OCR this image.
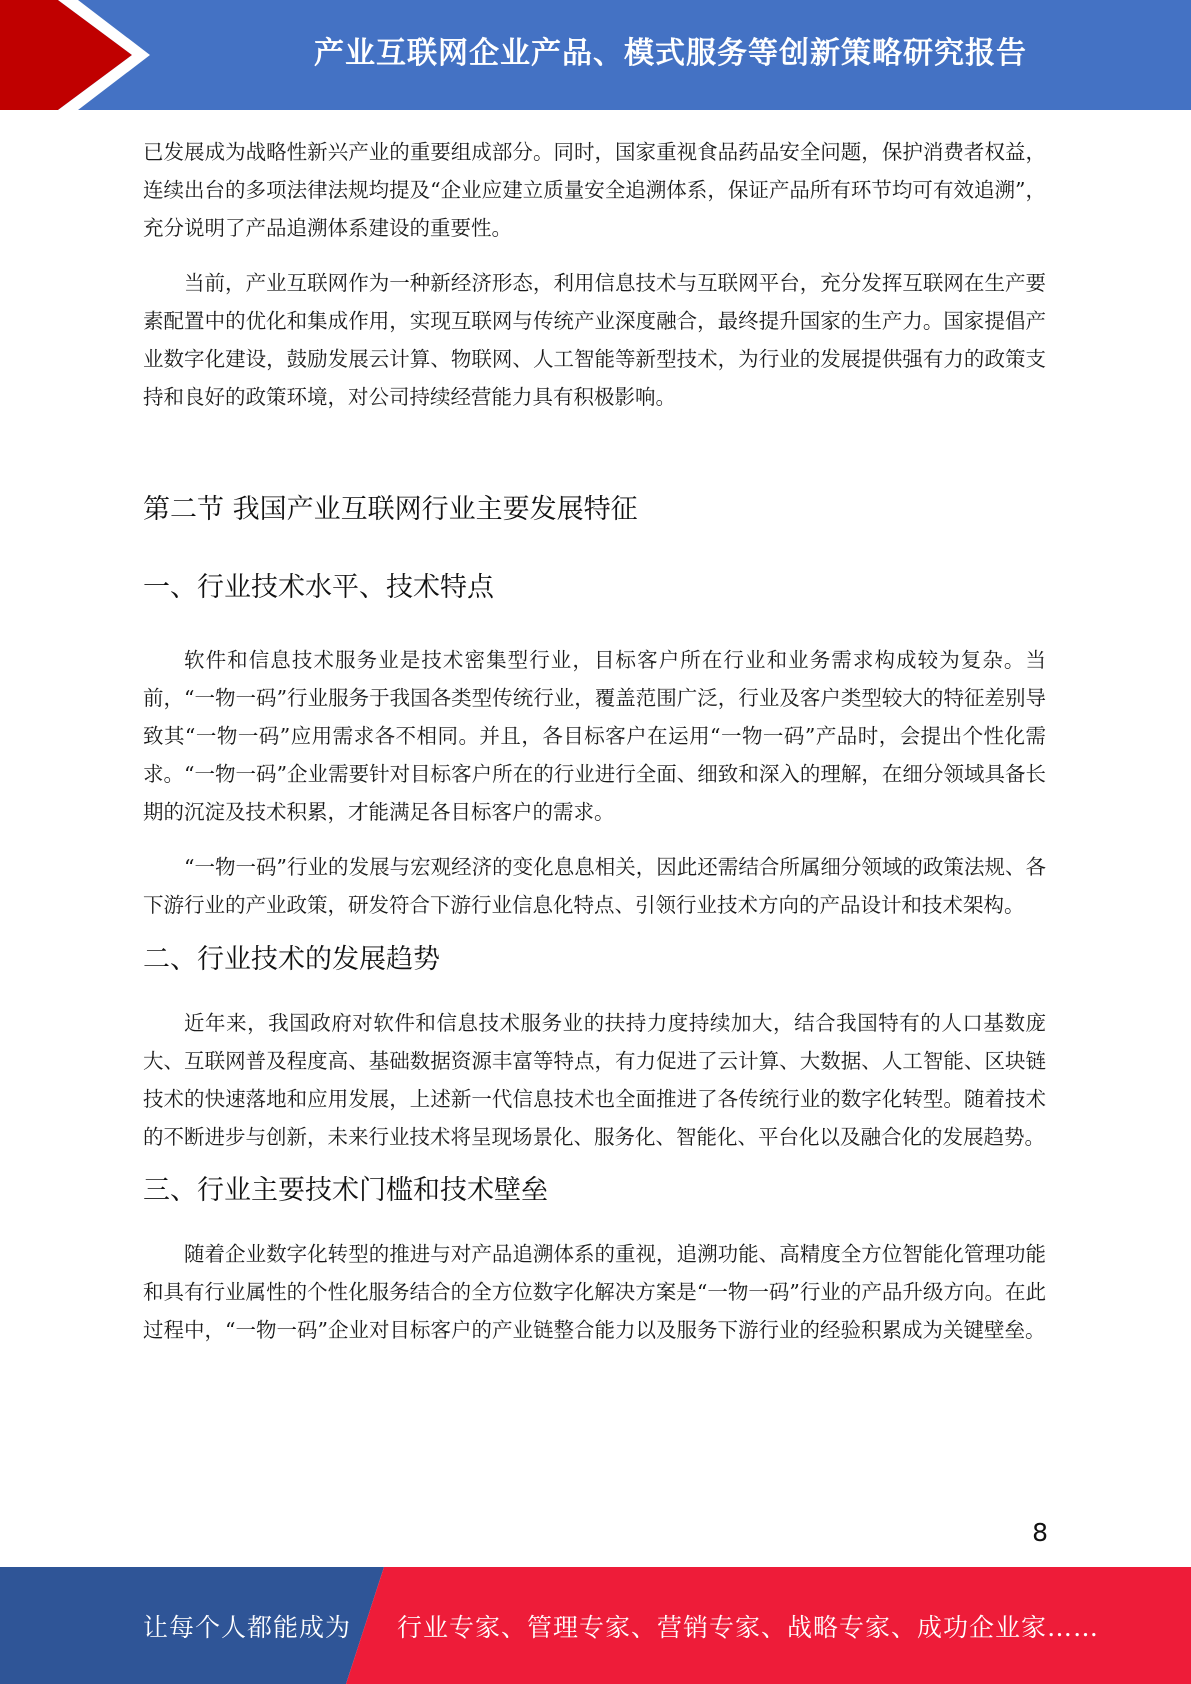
产业互联网企业产品、模式服务等创新策略研究报告

已发展成为战略性新兴产业的重要组成部分。同时，国家重视食品药品安全问题，保护消费者权益，连续出台的多项法律法规均提及“企业应建立质量安全追溯体系，保证产品所有环节均可有效追溯”，充分说明了产品追溯体系建设的重要性。

当前，产业互联网作为一种新经济形态，利用信息技术与互联网平台，充分发挥互联网在生产要素配置中的优化和集成作用，实现互联网与传统产业深度融合，最终提升国家的生产力。国家提倡产业数字化建设，鼓励发展云计算、物联网、人工智能等新型技术，为行业的发展提供强有力的政策支持和良好的政策环境，对公司持续经营能力具有积极影响。

第二节 我国产业互联网行业主要发展特征
一、行业技术水平、技术特点

软件和信息技术服务业是技术密集型行业，目标客户所在行业和业务需求构成较为复杂。当前，“一物一码”行业服务于我国各类型传统行业，覆盖范围广泛，行业及客户类型较大的特征差别导致其“一物一码”应用需求各不相同。并且，各目标客户在运用“一物一码”产品时，会提出个性化需求。“一物一码”企业需要针对目标客户所在的行业进行全面、细致和深入的理解，在细分领域具备长期的沉淀及技术积累，才能满足各目标客户的需求。

“一物一码”行业的发展与宏观经济的变化息息相关，因此还需结合所属细分领域的政策法规、各下游行业的产业政策，研发符合下游行业信息化特点、引领行业技术方向的产品设计和技术架构。

二、行业技术的发展趋势

近年来，我国政府对软件和信息技术服务业的扶持力度持续加大，结合我国特有的人口基数庞大、互联网普及程度高、基础数据资源丰富等特点，有力促进了云计算、大数据、人工智能、区块链技术的快速落地和应用发展，上述新一代信息技术也全面推进了各传统行业的数字化转型。随着技术的不断进步与创新，未来行业技术将呈现场景化、服务化、智能化、平台化以及融合化的发展趋势。

三、行业主要技术门槛和技术壁垒

随着企业数字化转型的推进与对产品追溯体系的重视，追溯功能、高精度全方位智能化管理功能和具有行业属性的个性化服务结合的全方位数字化解决方案是“一物一码”行业的产品升级方向。在此过程中，“一物一码”企业对目标客户的产业链整合能力以及服务下游行业的经验积累成为关键壁垒。

8
让每个人都能成为 行业专家、管理专家、营销专家、战略专家、成功企业家……
